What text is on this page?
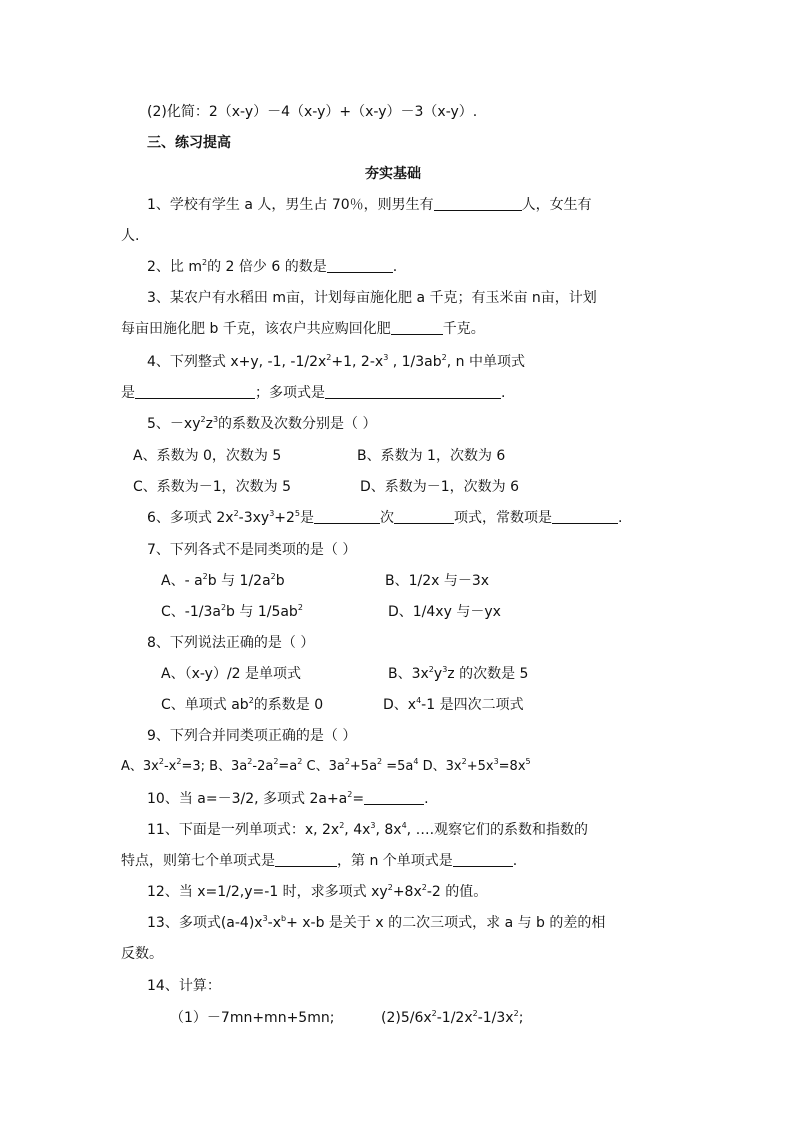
(2)化简：2（x-y）－4（x-y）+（x-y）－3（x-y）.
三、练习提高
夯实基础
1、学校有学生 a 人，男生占 70％，则男生有	人，女生有
人.
2、比 $m^2$的 2 倍少 6 的数是	.
3、某农户有水稻田 m亩，计划每亩施化肥 a 千克；有玉米亩 n亩，计划
每亩田施化肥 b 千克，该农户共应购回化肥	千克。
4、下列整式 x+y, -1, $-1/2x^2+1$, $2-x^3$ , $1/3ab^2$, n 中单项式
是	；多项式是	.
5、$-xy^2z^3$的系数及次数分别是（ ）
A、系数为 0，次数为 5	B、系数为 1，次数为 6
C、系数为－1，次数为 5	D、系数为－1，次数为 6
6、多项式 $2x^2-3xy^3+2^5$是	次	项式，常数项是	.
7、下列各式不是同类项的是（ ）
A、- $a^2b$ 与 $1/2a^2b$	B、1/2x 与－3x
C、$-1/3a^2b$ 与 $1/5ab^2$	D、1/4xy 与－yx
8、下列说法正确的是（ ）
A、（x-y）/2 是单项式	B、$3x^2y^3z$ 的次数是 5
C、单项式 $ab^2$的系数是 0	D、$x^4-1$ 是四次二项式
9、下列合并同类项正确的是（ ）
A、$3x^2-x^2=3$; B、$3a^2-2a^2=a^2$ C、$3a^2+5a^2 =5a^4$ D、$3x^2+5x^3=8x^5$
10、当 a=－3/2, 多项式 $2a+a^2=$	.
11、下面是一列单项式：x, $2x^2$, $4x^3$, $8x^4$, ….观察它们的系数和指数的
特点，则第七个单项式是	，第 n 个单项式是	.
12、当 x=1/2,y=-1 时，求多项式 $xy^2+8x^2-2$ 的值。
13、多项式$(a-4)x^3-x^b+ x-b$ 是关于 x 的二次三项式，求 a 与 b 的差的相
反数。
14、计算：
（1）－7mn+mn+5mn;	$(2)5/6x^2-1/2x^2-1/3x^2$;
